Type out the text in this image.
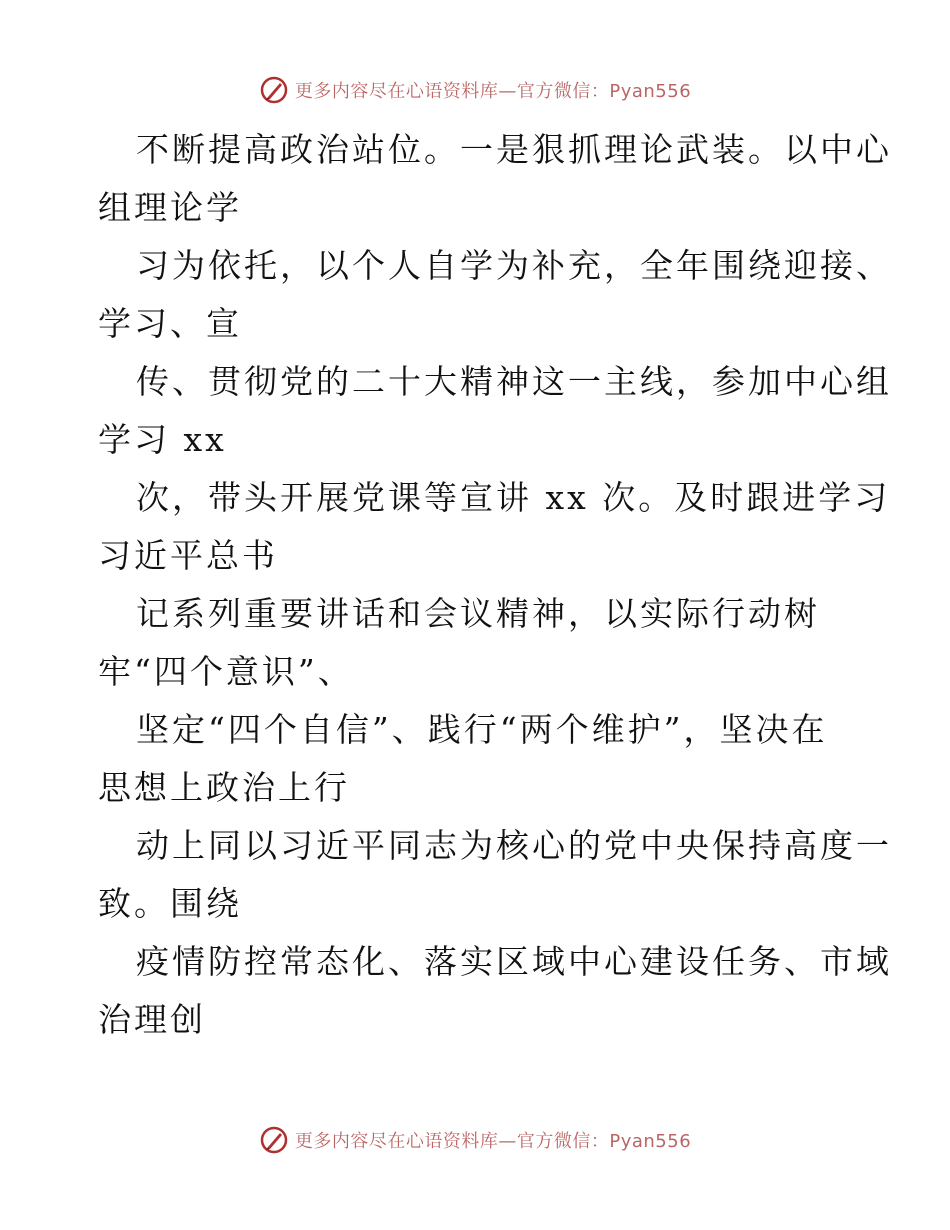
更多内容尽在心语资料库—官方微信：Pyan556
不断提高政治站位。一是狠抓理论武装。以中心
组理论学
习为依托，以个人自学为补充，全年围绕迎接、
学习、宣
传、贯彻党的二十大精神这一主线，参加中心组
学习 xx
次，带头开展党课等宣讲 xx 次。及时跟进学习
习近平总书
记系列重要讲话和会议精神，以实际行动树
牢“四个意识”、
坚定“四个自信”、践行“两个维护”，坚决在
思想上政治上行
动上同以习近平同志为核心的党中央保持高度一
致。围绕
疫情防控常态化、落实区域中心建设任务、市域
治理创
更多内容尽在心语资料库—官方微信：Pyan556
